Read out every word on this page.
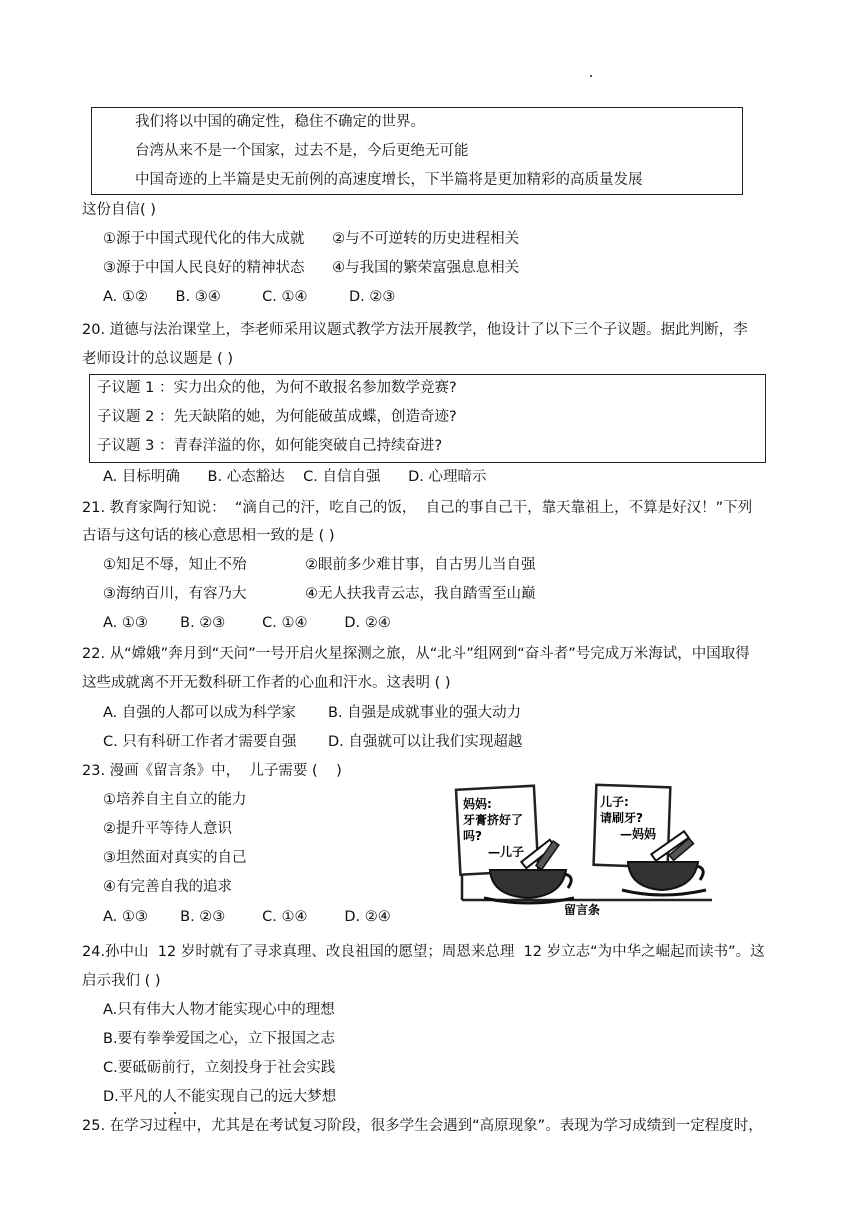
我们将以中国的确定性，稳住不确定的世界。
台湾从来不是一个国家，过去不是，今后更绝无可能
中国奇迹的上半篇是史无前例的高速度增长，下半篇将是更加精彩的高质量发展
这份自信( )
①源于中国式现代化的伟大成就      ②与不可逆转的历史进程相关
③源于中国人民良好的精神状态      ④与我国的繁荣富强息息相关
A. ①②      B. ③④         C. ①④         D. ②③
20. 道德与法治课堂上，李老师采用议题式教学方法开展教学，他设计了以下三个子议题。据此判断，李
老师设计的总议题是 ( )
子议题 1 ：实力出众的他，为何不敢报名参加数学竞赛?
子议题 2 ：先天缺陷的她，为何能破茧成蝶，创造奇迹?
子议题 3 ：青春洋溢的你，如何能突破自己持续奋进?
A. 目标明确      B. 心态豁达    C. 自信自强      D. 心理暗示
21. 教育家陶行知说：  “滴自己的汗，吃自己的饭，  自己的事自己干，靠天靠祖上，不算是好汉！”下列
古语与这句话的核心意思相一致的是 ( )
①知足不辱，知止不殆	②眼前多少难甘事，自古男儿当自强
③海纳百川，有容乃大	④无人扶我青云志，我自踏雪至山巅
A. ①③       B. ②③        C. ①④        D. ②④
22. 从“嫦娥”奔月到“天问”一号开启火星探测之旅，从“北斗”组网到“奋斗者”号完成万米海试，中国取得
这些成就离不开无数科研工作者的心血和汗水。这表明 ( )
A. 自强的人都可以成为科学家 B. 自强是成就事业的强大动力
C. 只有科研工作者才需要自强 D. 自强就可以让我们实现超越
23. 漫画《留言条》中，  儿子需要 (    )
①培养自主自立的能力
②提升平等待人意识
③坦然面对真实的自己
④有完善自我的追求
A. ①③       B. ②③        C. ①④        D. ②④
妈妈:
牙膏挤好了
吗?
—儿子
儿子:
请刷牙?
—妈妈
留言条
24.孙中山  12 岁时就有了寻求真理、改良祖国的愿望；周恩来总理  12 岁立志“为中华之崛起而读书”。这
启示我们 ( )
A.只有伟大人物才能实现心中的理想
B.要有拳拳爱国之心，立下报国之志
C.要砥砺前行，立刻投身于社会实践
D.平凡的人不能实现自己的远大梦想
25. 在学习过程中，尤其是在考试复习阶段，很多学生会遇到“高原现象”。表现为学习成绩到一定程度时，
